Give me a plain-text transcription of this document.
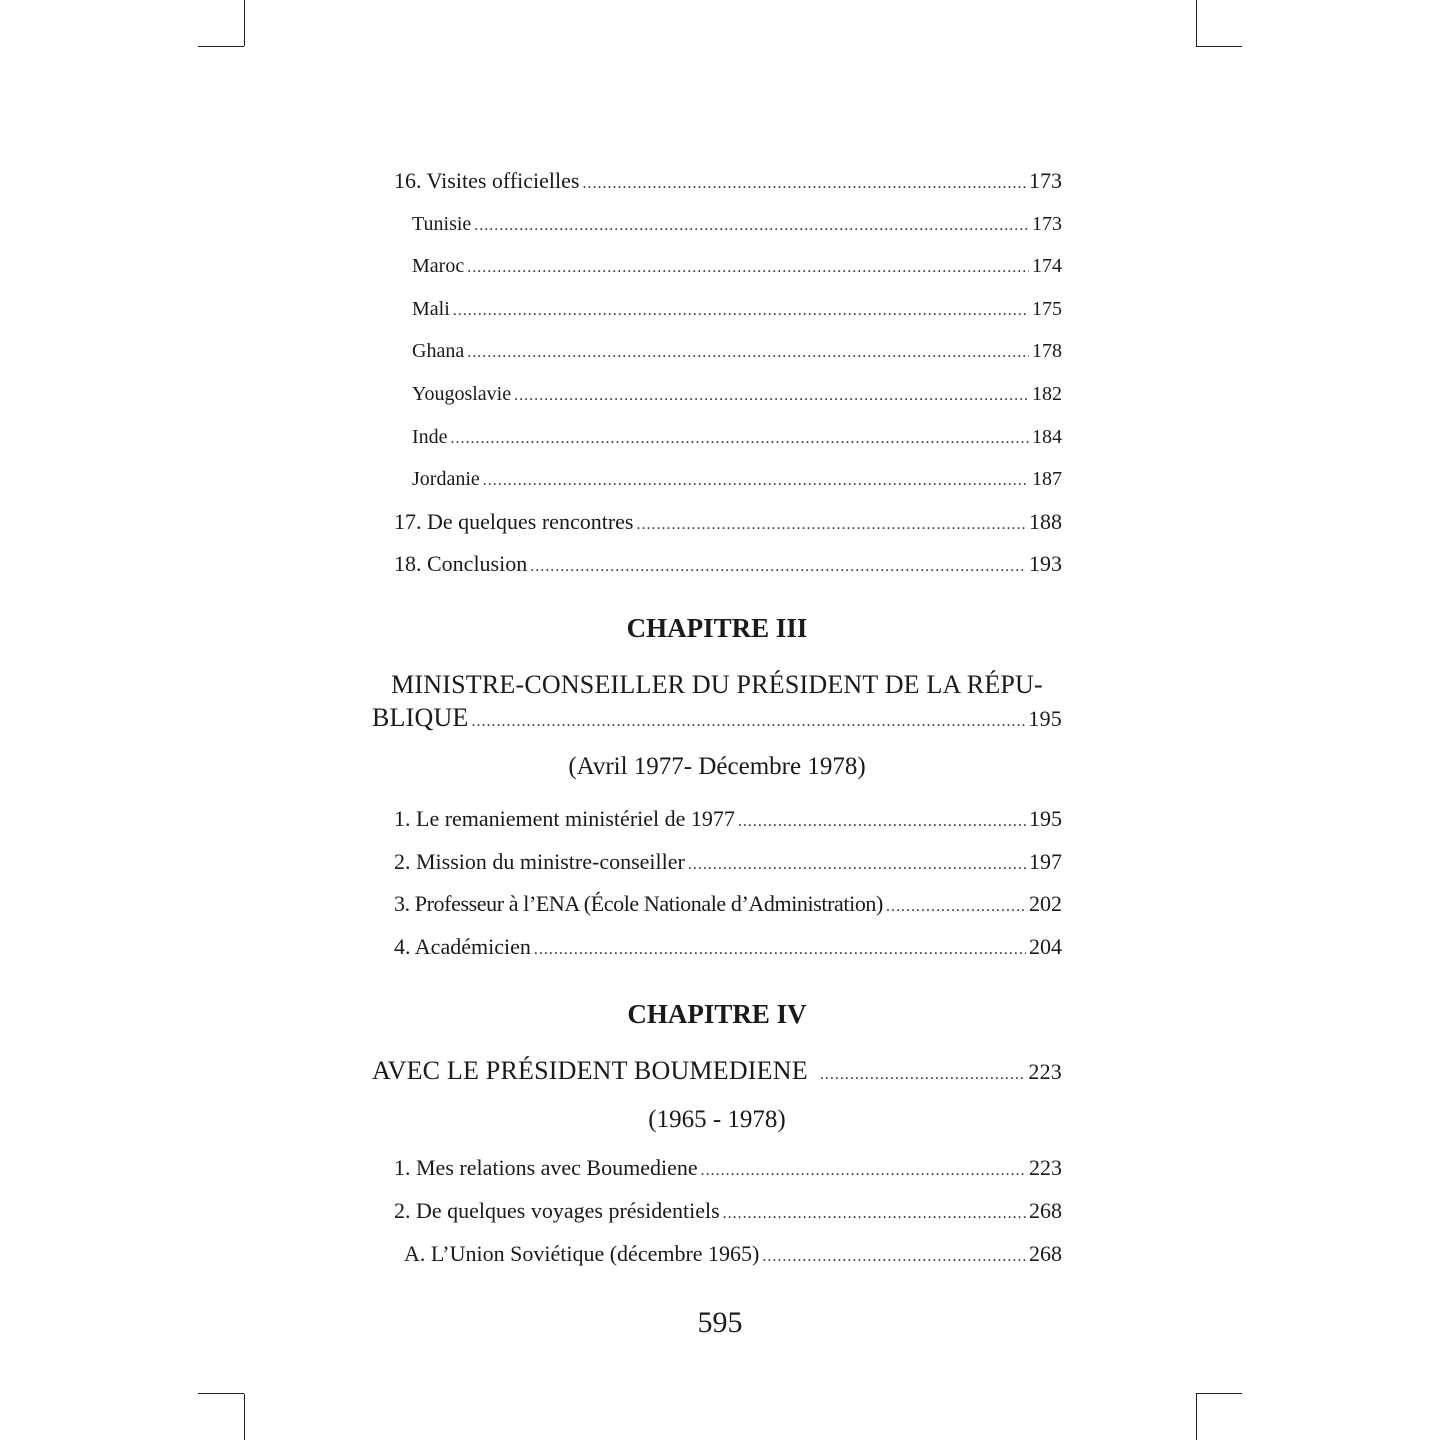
16. Visites officielles .....	173
Tunisie .....	173
Maroc .....	174
Mali .....	175
Ghana .....	178
Yougoslavie .....	182
Inde .....	184
Jordanie .....	187
17. De quelques rencontres .....	188
18. Conclusion .....	193
CHAPITRE III
MINISTRE-CONSEILLER DU PRÉSIDENT DE LA RÉPU-
BLIQUE .....	195
(Avril 1977- Décembre 1978)
1. Le remaniement ministériel de 1977 .....	195
2. Mission du ministre-conseiller .....	197
3. Professeur à l’ENA (École Nationale d’Administration) .....	202
4. Académicien .....	204
CHAPITRE IV
AVEC LE PRÉSIDENT BOUMEDIENE .....	223
(1965 - 1978)
1. Mes relations avec Boumediene .....	223
2. De quelques voyages présidentiels .....	268
A. L’Union Soviétique (décembre 1965) .....	268
595
